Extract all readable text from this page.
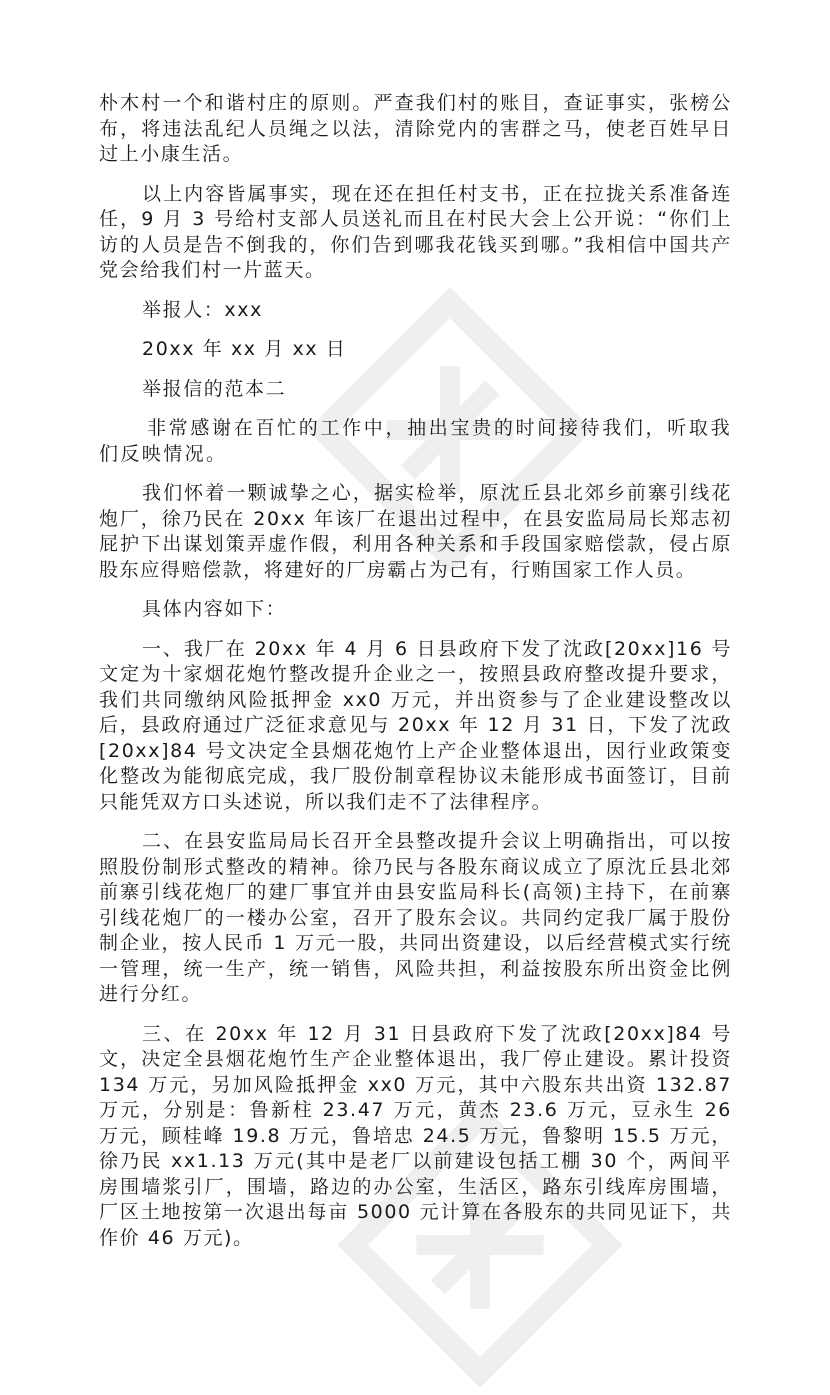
朴木村一个和谐村庄的原则。严查我们村的账目，查证事实，张榜公布，将违法乱纪人员绳之以法，清除党内的害群之马，使老百姓早日过上小康生活。

以上内容皆属事实，现在还在担任村支书，正在拉拢关系准备连任，9 月 3 号给村支部人员送礼而且在村民大会上公开说：“你们上访的人员是告不倒我的，你们告到哪我花钱买到哪。”我相信中国共产党会给我们村一片蓝天。

举报人：xxx

20xx 年 xx 月 xx 日

举报信的范本二

非常感谢在百忙的工作中，抽出宝贵的时间接待我们，听取我们反映情况。

我们怀着一颗诚挚之心，据实检举，原沈丘县北郊乡前寨引线花炮厂，徐乃民在 20xx 年该厂在退出过程中，在县安监局局长郑志初屁护下出谋划策弄虚作假，利用各种关系和手段国家赔偿款，侵占原股东应得赔偿款，将建好的厂房霸占为己有，行贿国家工作人员。

具体内容如下：

一、我厂在 20xx 年 4 月 6 日县政府下发了沈政[20xx]16 号文定为十家烟花炮竹整改提升企业之一，按照县政府整改提升要求，我们共同缴纳风险抵押金 xx0 万元，并出资参与了企业建设整改以后，县政府通过广泛征求意见与 20xx 年 12 月 31 日，下发了沈政[20xx]84 号文决定全县烟花炮竹上产企业整体退出，因行业政策变化整改为能彻底完成，我厂股份制章程协议未能形成书面签订，目前只能凭双方口头述说，所以我们走不了法律程序。

二、在县安监局局长召开全县整改提升会议上明确指出，可以按照股份制形式整改的精神。徐乃民与各股东商议成立了原沈丘县北郊前寨引线花炮厂的建厂事宜并由县安监局科长(高领)主持下，在前寨引线花炮厂的一楼办公室，召开了股东会议。共同约定我厂属于股份制企业，按人民币 1 万元一股，共同出资建设，以后经营模式实行统一管理，统一生产，统一销售，风险共担，利益按股东所出资金比例进行分红。

三、在 20xx 年 12 月 31 日县政府下发了沈政[20xx]84 号文，决定全县烟花炮竹生产企业整体退出，我厂停止建设。累计投资 134 万元，另加风险抵押金 xx0 万元，其中六股东共出资 132.87 万元，分别是：鲁新柱 23.47 万元，黄杰 23.6 万元，豆永生 26 万元，顾桂峰 19.8 万元，鲁培忠 24.5 万元，鲁黎明 15.5 万元，徐乃民 xx1.13 万元(其中是老厂以前建设包括工棚 30 个，两间平房围墙浆引厂，围墙，路边的办公室，生活区，路东引线库房围墙，厂区土地按第一次退出每亩 5000 元计算在各股东的共同见证下，共作价 46 万元)。
